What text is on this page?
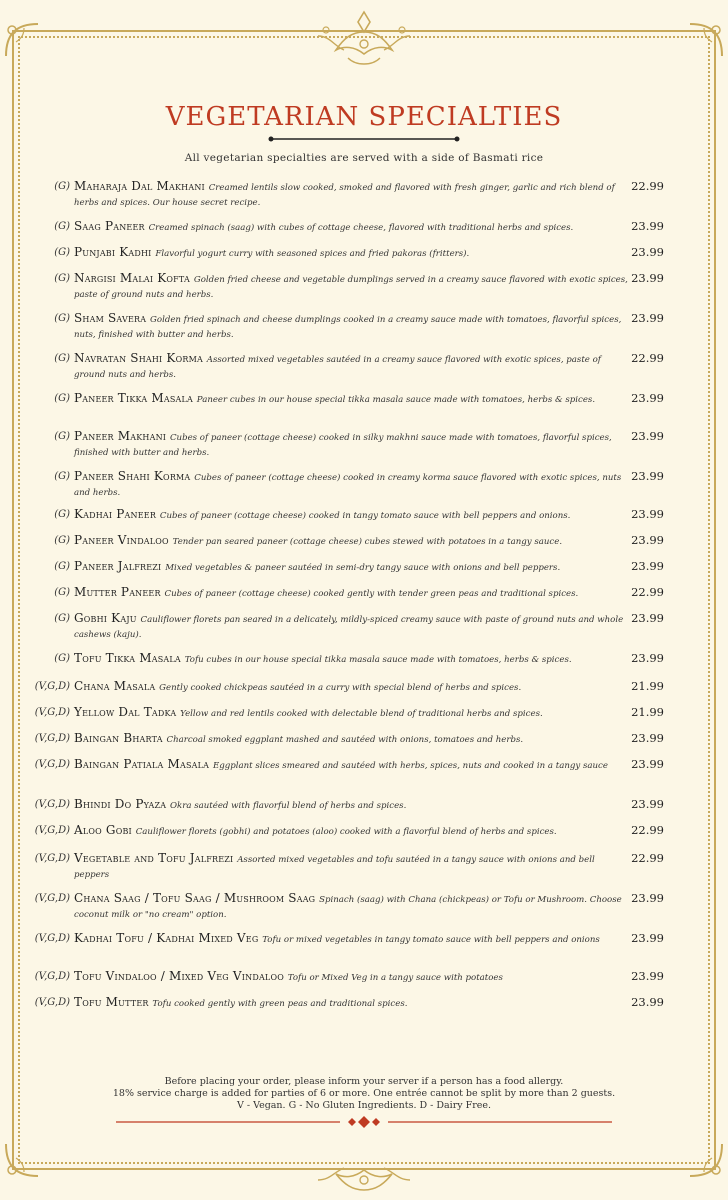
VEGETARIAN SPECIALTIES
All vegetarian specialties are served with a side of Basmati rice
(G) Maharaja Dal Makhani Creamed lentils slow cooked, smoked and flavored with fresh ginger, garlic and rich blend of herbs and spices. Our house secret recipe.
22.99
(G) Saag Paneer Creamed spinach (saag) with cubes of cottage cheese, flavored with traditional herbs and spices.	23.99
(G) Punjabi Kadhi Flavorful yogurt curry with seasoned spices and fried pakoras (fritters).	23.99
(G) Nargisi Malai Kofta Golden fried cheese and vegetable dumplings served in a creamy sauce flavored with exotic spices, paste of ground nuts and herbs.
23.99
(G) Sham Savera Golden fried spinach and cheese dumplings cooked in a creamy sauce made with tomatoes, flavorful spices, nuts, finished with butter and herbs.
23.99
(G) Navratan Shahi Korma Assorted mixed vegetables sautéed in a creamy sauce flavored with exotic spices, paste of ground nuts and herbs.
22.99
(G) Paneer Tikka Masala Paneer cubes in our house special tikka masala sauce made with tomatoes, herbs & spices.	23.99
(G) Paneer Makhani Cubes of paneer (cottage cheese) cooked in silky makhni sauce made with tomatoes, flavorful spices, finished with butter and herbs.
23.99
(G) Paneer Shahi Korma Cubes of paneer (cottage cheese) cooked in creamy korma sauce flavored with exotic spices, nuts and herbs.
23.99
(G) Kadhai Paneer Cubes of paneer (cottage cheese) cooked in tangy tomato sauce with bell peppers and onions.	23.99
(G) Paneer Vindaloo Tender pan seared paneer (cottage cheese) cubes stewed with potatoes in a tangy sauce.	23.99
(G) Paneer Jalfrezi Mixed vegetables & paneer sautéed in semi-dry tangy sauce with onions and bell peppers.	23.99
(G) Mutter Paneer Cubes of paneer (cottage cheese) cooked gently with tender green peas and traditional spices.	22.99
(G) Gobhi Kaju Cauliflower florets pan seared in a delicately, mildly-spiced creamy sauce with paste of ground nuts and whole cashews (kaju).
23.99
(G) Tofu Tikka Masala Tofu cubes in our house special tikka masala sauce made with tomatoes, herbs & spices.	23.99
(V,G,D) Chana Masala Gently cooked chickpeas sautéed in a curry with special blend of herbs and spices.	21.99
(V,G,D) Yellow Dal Tadka Yellow and red lentils cooked with delectable blend of traditional herbs and spices.	21.99
(V,G,D) Baingan Bharta Charcoal smoked eggplant mashed and sautéed with onions, tomatoes and herbs.	23.99
(V,G,D) Baingan Patiala Masala Eggplant slices smeared and sautéed with herbs, spices, nuts and cooked in a tangy sauce	23.99
(V,G,D) Bhindi Do Pyaza Okra sautéed with flavorful blend of herbs and spices.	23.99
(V,G,D) Aloo Gobi Cauliflower florets (gobhi) and potatoes (aloo) cooked with a flavorful blend of herbs and spices.	22.99
(V,G,D) Vegetable and Tofu Jalfrezi Assorted mixed vegetables and tofu sautéed in a tangy sauce with onions and bell peppers
22.99
(V,G,D) Chana Saag / Tofu Saag / Mushroom Saag Spinach (saag) with Chana (chickpeas) or Tofu or Mushroom. Choose coconut milk or "no cream" option.
23.99
(V,G,D) Kadhai Tofu / Kadhai Mixed Veg Tofu or mixed vegetables in tangy tomato sauce with bell peppers and onions	23.99
(V,G,D) Tofu Vindaloo / Mixed Veg Vindaloo Tofu or Mixed Veg in a tangy sauce with potatoes	23.99
(V,G,D) Tofu Mutter Tofu cooked gently with green peas and traditional spices.	23.99
Before placing your order, please inform your server if a person has a food allergy.
18% service charge is added for parties of 6 or more. One entrée cannot be split by more than 2 guests.
V - Vegan. G - No Gluten Ingredients. D - Dairy Free.
